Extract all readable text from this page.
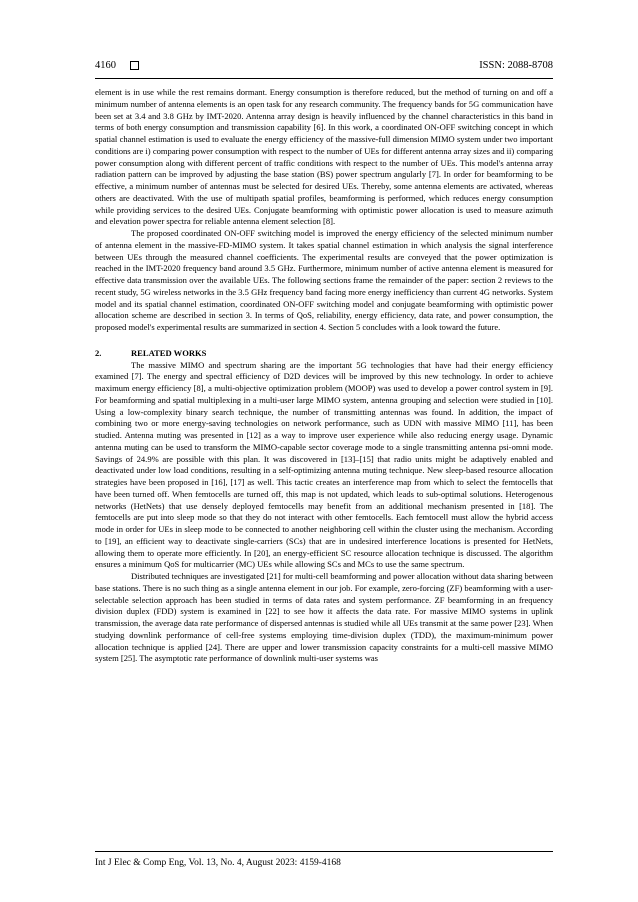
4160	ISSN: 2088-8708

element is in use while the rest remains dormant. Energy consumption is therefore reduced, but the method of turning on and off a minimum number of antenna elements is an open task for any research community. The frequency bands for 5G communication have been set at 3.4 and 3.8 GHz by IMT-2020. Antenna array design is heavily influenced by the channel characteristics in this band in terms of both energy consumption and transmission capability [6]. In this work, a coordinated ON-OFF switching concept in which spatial channel estimation is used to evaluate the energy efficiency of the massive-full dimension MIMO system under two important conditions are i) comparing power consumption with respect to the number of UEs for different antenna array sizes and ii) comparing power consumption along with different percent of traffic conditions with respect to the number of UEs. This model's antenna array radiation pattern can be improved by adjusting the base station (BS) power spectrum angularly [7]. In order for beamforming to be effective, a minimum number of antennas must be selected for desired UEs. Thereby, some antenna elements are activated, whereas others are deactivated. With the use of multipath spatial profiles, beamforming is performed, which reduces energy consumption while providing services to the desired UEs. Conjugate beamforming with optimistic power allocation is used to measure azimuth and elevation power spectra for reliable antenna element selection [8].

The proposed coordinated ON-OFF switching model is improved the energy efficiency of the selected minimum number of antenna element in the massive-FD-MIMO system. It takes spatial channel estimation in which analysis the signal interference between UEs through the measured channel coefficients. The experimental results are conveyed that the power optimization is reached in the IMT-2020 frequency band around 3.5 GHz. Furthermore, minimum number of active antenna element is measured for effective data transmission over the available UEs. The following sections frame the remainder of the paper: section 2 reviews to the recent study, 5G wireless networks in the 3.5 GHz frequency band facing more energy inefficiency than current 4G networks. System model and its spatial channel estimation, coordinated ON-OFF switching model and conjugate beamforming with optimistic power allocation scheme are described in section 3. In terms of QoS, reliability, energy efficiency, data rate, and power consumption, the proposed model's experimental results are summarized in section 4. Section 5 concludes with a look toward the future.

2.	RELATED WORKS

The massive MIMO and spectrum sharing are the important 5G technologies that have had their energy efficiency examined [7]. The energy and spectral efficiency of D2D devices will be improved by this new technology. In order to achieve maximum energy efficiency [8], a multi-objective optimization problem (MOOP) was used to develop a power control system in [9]. For beamforming and spatial multiplexing in a multi-user large MIMO system, antenna grouping and selection were studied in [10]. Using a low-complexity binary search technique, the number of transmitting antennas was found. In addition, the impact of combining two or more energy-saving technologies on network performance, such as UDN with massive MIMO [11], has been studied. Antenna muting was presented in [12] as a way to improve user experience while also reducing energy usage. Dynamic antenna muting can be used to transform the MIMO-capable sector coverage mode to a single transmitting antenna psi-omni mode. Savings of 24.9% are possible with this plan. It was discovered in [13]–[15] that radio units might be adaptively enabled and deactivated under low load conditions, resulting in a self-optimizing antenna muting technique. New sleep-based resource allocation strategies have been proposed in [16], [17] as well. This tactic creates an interference map from which to select the femtocells that have been turned off. When femtocells are turned off, this map is not updated, which leads to sub-optimal solutions. Heterogenous networks (HetNets) that use densely deployed femtocells may benefit from an additional mechanism presented in [18]. The femtocells are put into sleep mode so that they do not interact with other femtocells. Each femtocell must allow the hybrid access mode in order for UEs in sleep mode to be connected to another neighboring cell within the cluster using the mechanism. According to [19], an efficient way to deactivate single-carriers (SCs) that are in undesired interference locations is presented for HetNets, allowing them to operate more efficiently. In [20], an energy-efficient SC resource allocation technique is discussed. The algorithm ensures a minimum QoS for multicarrier (MC) UEs while allowing SCs and MCs to use the same spectrum.

Distributed techniques are investigated [21] for multi-cell beamforming and power allocation without data sharing between base stations. There is no such thing as a single antenna element in our job. For example, zero-forcing (ZF) beamforming with a user-selectable selection approach has been studied in terms of data rates and system performance. ZF beamforming in an frequency division duplex (FDD) system is examined in [22] to see how it affects the data rate. For massive MIMO systems in uplink transmission, the average data rate performance of dispersed antennas is studied while all UEs transmit at the same power [23]. When studying downlink performance of cell-free systems employing time-division duplex (TDD), the maximum-minimum power allocation technique is applied [24]. There are upper and lower transmission capacity constraints for a multi-cell massive MIMO system [25]. The asymptotic rate performance of downlink multi-user systems was

Int J Elec & Comp Eng, Vol. 13, No. 4, August 2023: 4159-4168
